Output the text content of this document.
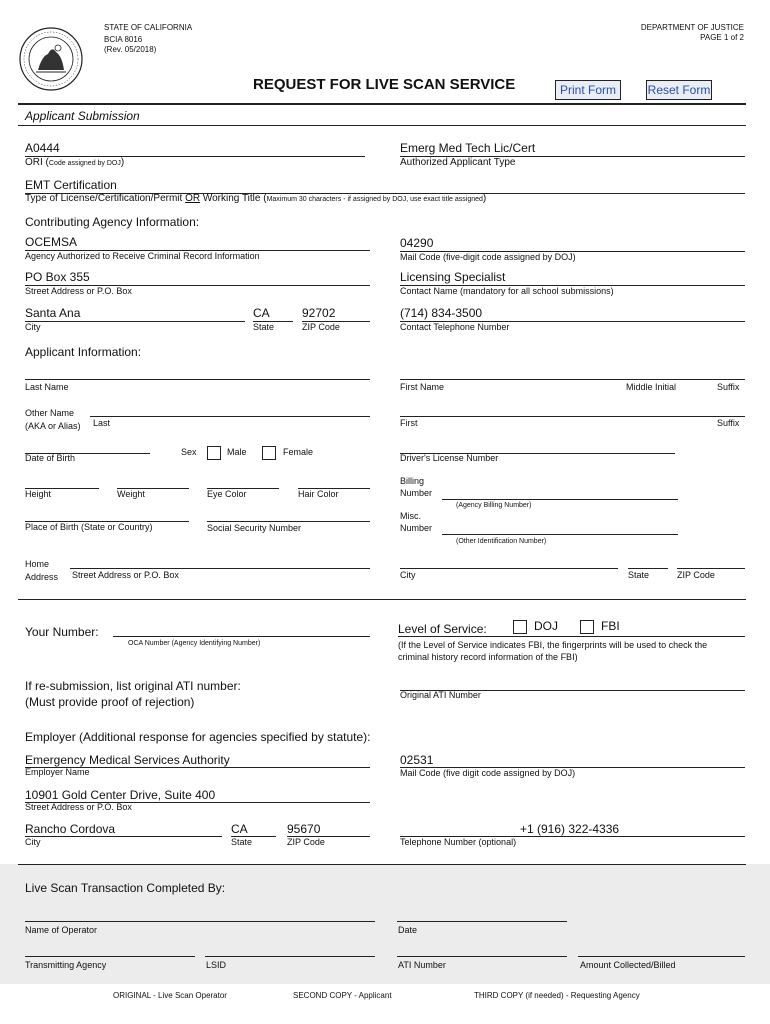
STATE OF CALIFORNIA
BCIA 8016
(Rev. 05/2018)
DEPARTMENT OF JUSTICE
PAGE 1 of 2
REQUEST FOR LIVE SCAN SERVICE	Print Form	Reset Form
Applicant Submission
A0444
ORI (Code assigned by DOJ)
Emerg Med Tech Lic/Cert
Authorized Applicant Type
EMT Certification
Type of License/Certification/Permit OR Working Title (Maximum 30 characters - if assigned by DOJ, use exact title assigned)
Contributing Agency Information:
OCEMSA
Agency Authorized to Receive Criminal Record Information
04290
Mail Code (five-digit code assigned by DOJ)
PO Box 355
Street Address or P.O. Box
Licensing Specialist
Contact Name (mandatory for all school submissions)
Santa Ana
City
CA
State
92702
ZIP Code
(714) 834-3500
Contact Telephone Number
Applicant Information:
Last Name	First Name	Middle Initial	Suffix
Other Name
(AKA or Alias) Last	First	Suffix
Date of Birth
Sex	Male	Female
Driver's License Number
Height	Weight	Eye Color	Hair Color
Billing
Number
(Agency Billing Number)
Place of Birth (State or Country)	Social Security Number
Misc.
Number
(Other Identification Number)
Home
Address Street Address or P.O. Box	City	State	ZIP Code
Your Number:
OCA Number (Agency Identifying Number)
Level of Service:	DOJ	FBI
(If the Level of Service indicates FBI, the fingerprints will be used to check the
criminal history record information of the FBI)
If re-submission, list original ATI number:
(Must provide proof of rejection)	Original ATI Number
Employer (Additional response for agencies specified by statute):
Emergency Medical Services Authority
Employer Name
02531
Mail Code (five digit code assigned by DOJ)
10901 Gold Center Drive, Suite 400
Street Address or P.O. Box
Rancho Cordova
City
CA
State
95670
ZIP Code
+1 (916) 322-4336
Telephone Number (optional)
Live Scan Transaction Completed By:
Name of Operator	Date
Transmitting Agency	LSID	ATI Number	Amount Collected/Billed
ORIGINAL - Live Scan Operator	SECOND COPY - Applicant	THIRD COPY (if needed) - Requesting Agency
